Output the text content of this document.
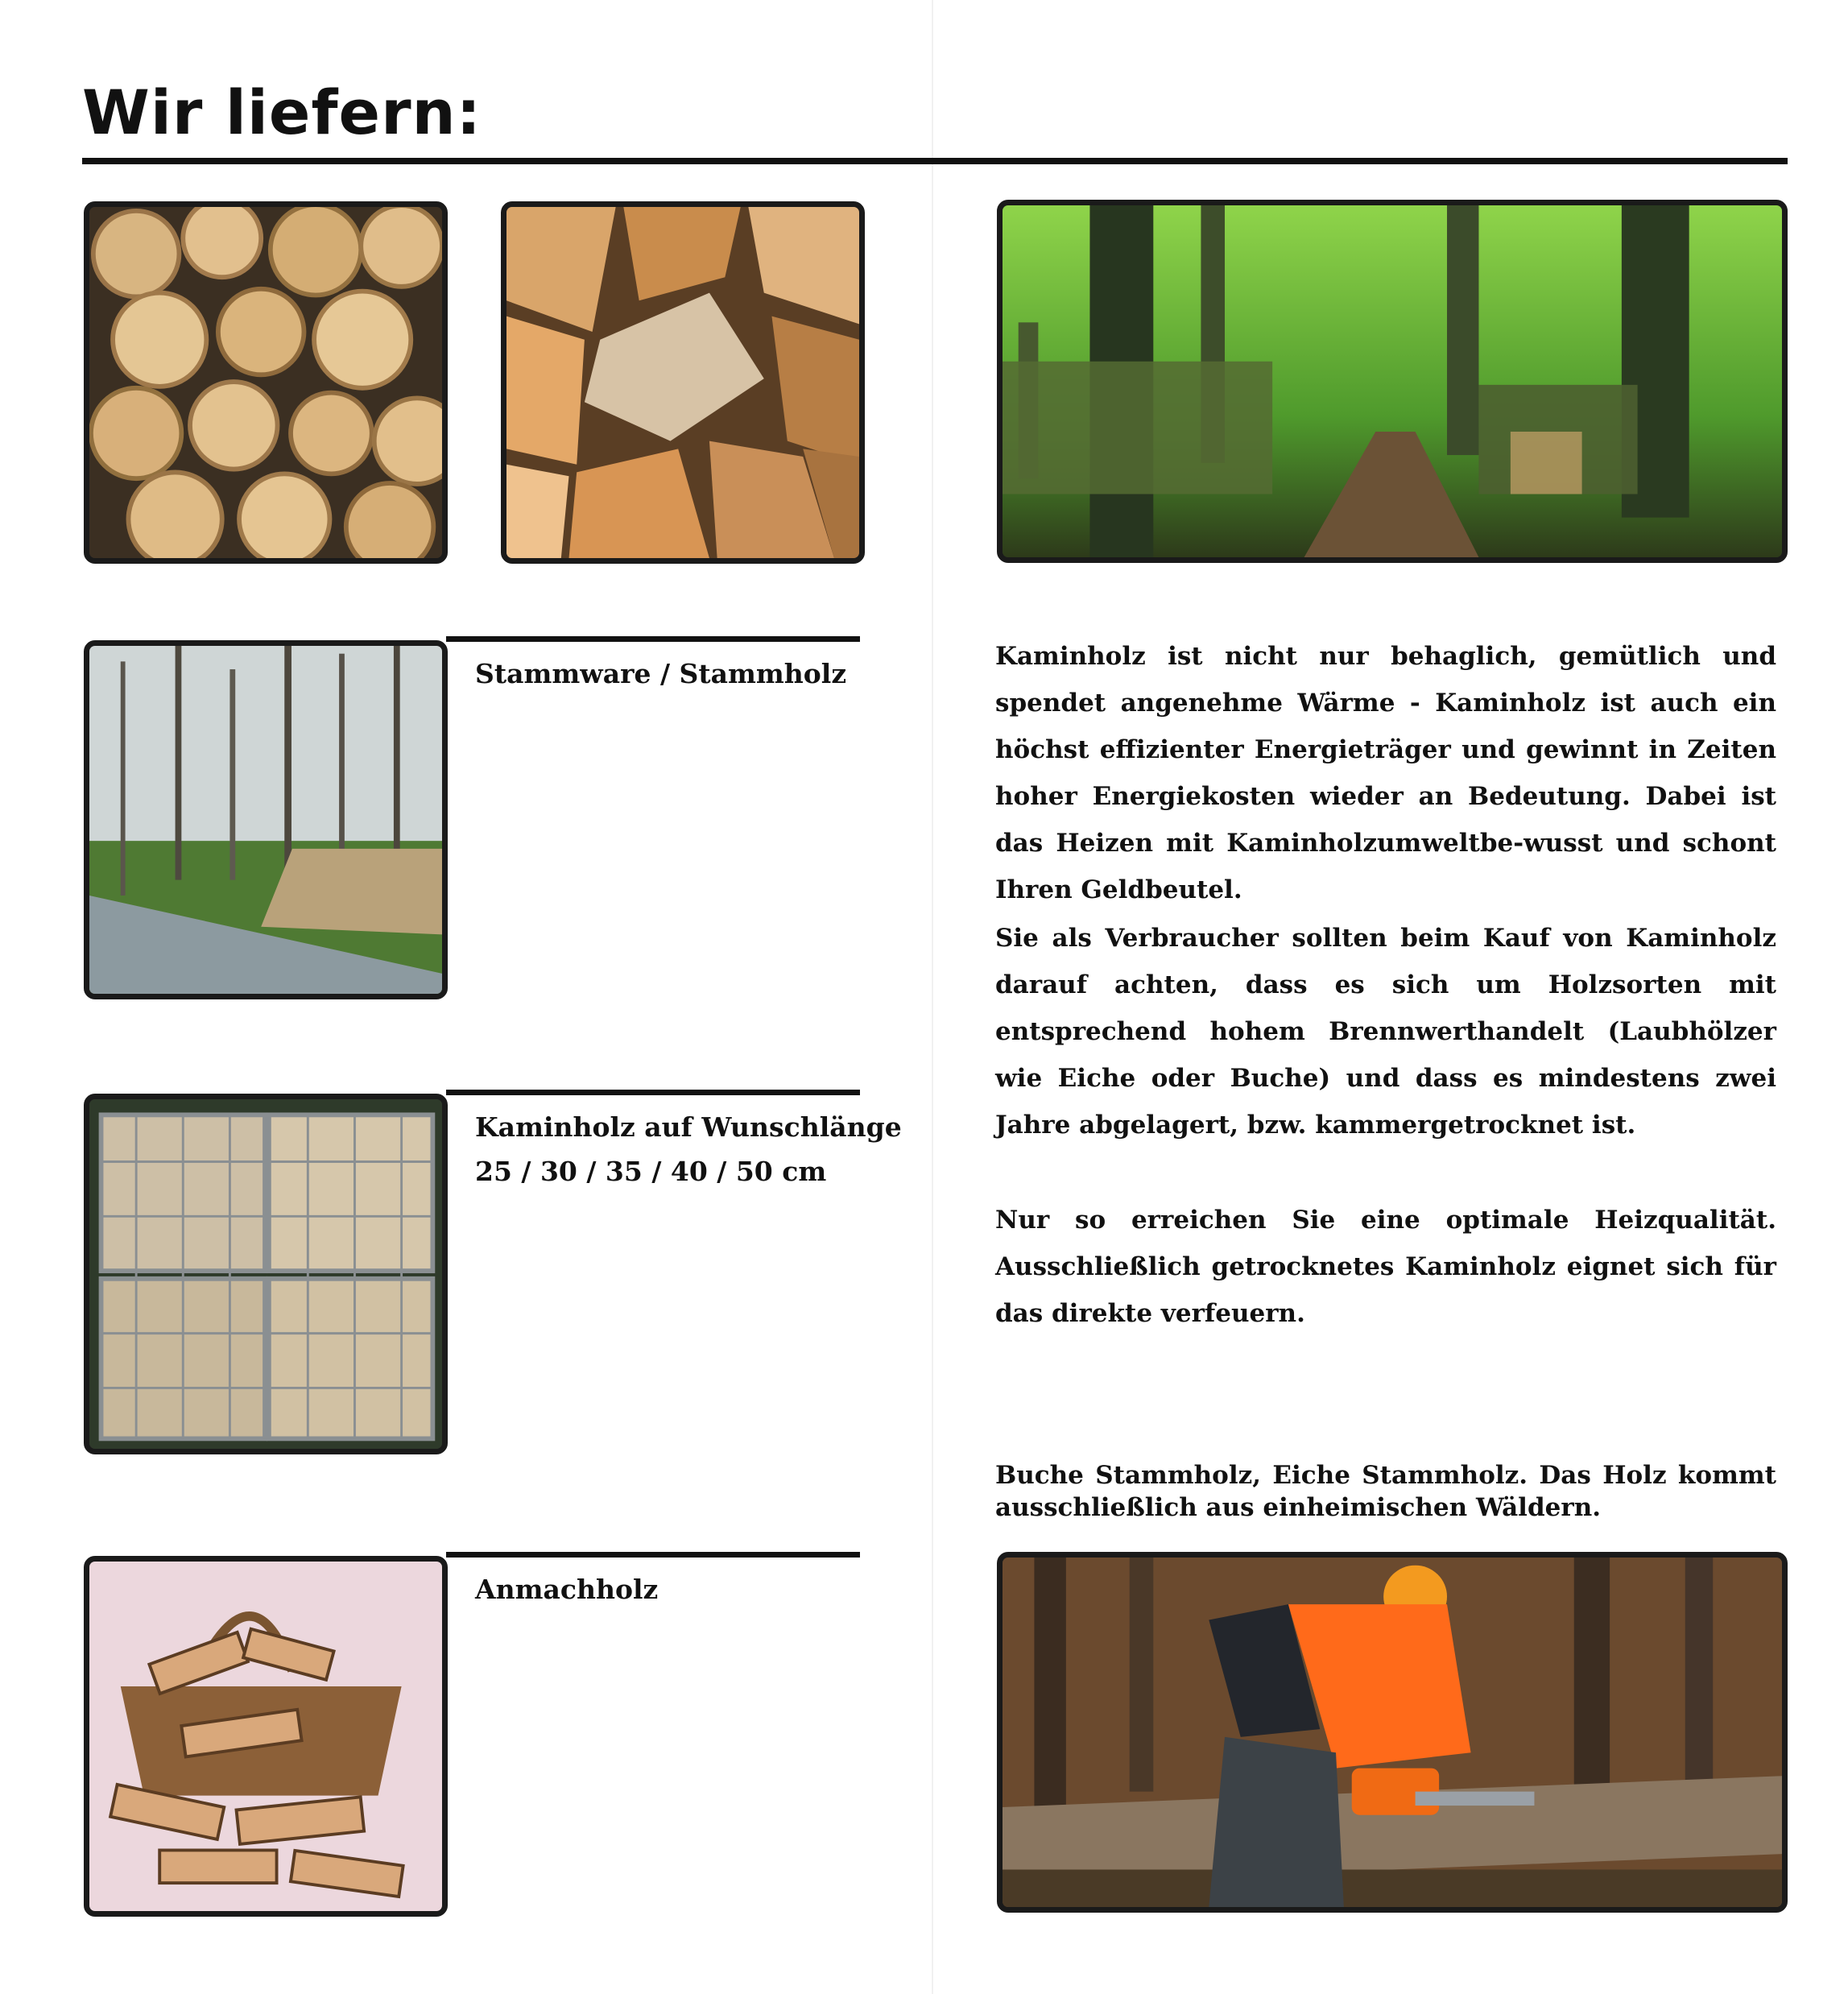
Wir liefern:
Stammware / Stammholz
Kaminholz auf Wunschlänge
25 / 30 / 35 / 40 / 50 cm
Anmachholz

Kaminholz ist nicht nur behaglich, gemütlich und spendet angenehme Wärme - Kaminholz ist auch ein höchst effizienter Energieträger und gewinnt in Zeiten hoher Energiekosten wieder an Bedeutung. Dabei ist das Heizen mit Kaminholzumweltbe-wusst und schont Ihren Geldbeutel.

Sie als Verbraucher sollten beim Kauf von Kaminholz darauf achten, dass es sich um Holzsorten mit entsprechend hohem Brennwerthandelt (Laubhölzer wie Eiche oder Buche) und dass es mindestens zwei Jahre abgelagert, bzw. kammergetrocknet ist.

Nur so erreichen Sie eine optimale Heizqualität. Ausschließlich getrocknetes Kaminholz eignet sich für das direkte verfeuern.

Buche Stammholz, Eiche Stammholz. Das Holz kommt ausschließlich aus einheimischen Wäldern.
